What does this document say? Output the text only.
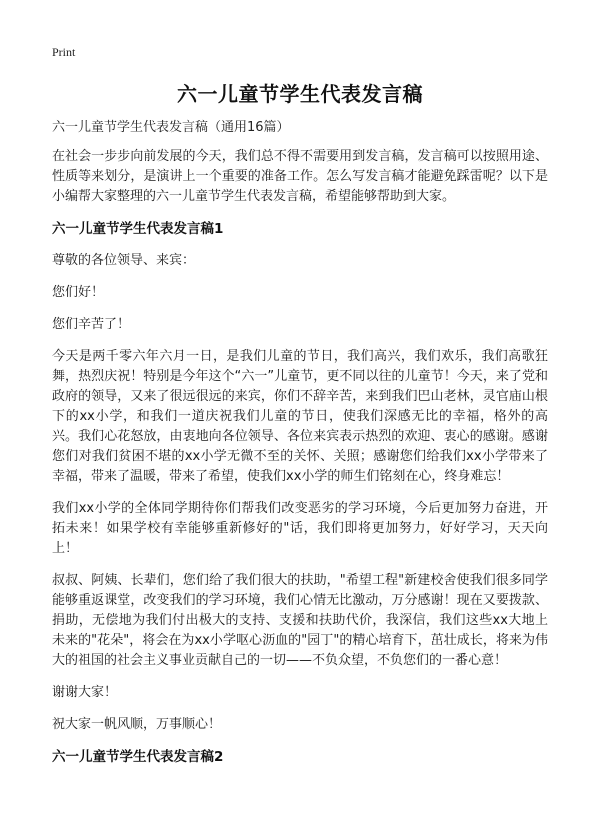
Print
六一儿童节学生代表发言稿

六一儿童节学生代表发言稿（通用16篇）

在社会一步步向前发展的今天，我们总不得不需要用到发言稿，发言稿可以按照用途、性质等来划分，是演讲上一个重要的准备工作。怎么写发言稿才能避免踩雷呢？以下是小编帮大家整理的六一儿童节学生代表发言稿，希望能够帮助到大家。

六一儿童节学生代表发言稿1

尊敬的各位领导、来宾：

您们好！

您们辛苦了！

今天是两千零六年六月一日，是我们儿童的节日，我们高兴，我们欢乐，我们高歌狂舞，热烈庆祝！特别是今年这个“六一”儿童节，更不同以往的儿童节！今天，来了党和政府的领导，又来了很远很远的来宾，你们不辞辛苦，来到我们巴山老林，灵官庙山根下的xx小学，和我们一道庆祝我们儿童的节日，使我们深感无比的幸福，格外的高兴。我们心花怒放，由衷地向各位领导、各位来宾表示热烈的欢迎、衷心的感谢。感谢您们对我们贫困不堪的xx小学无微不至的关怀、关照；感谢您们给我们xx小学带来了幸福，带来了温暖，带来了希望，使我们xx小学的师生们铭刻在心，终身难忘！

我们xx小学的全体同学期待你们帮我们改变恶劣的学习环境，今后更加努力奋进，开拓未来！如果学校有幸能够重新修好的"话，我们即将更加努力，好好学习，天天向上！

叔叔、阿姨、长辈们，您们给了我们很大的扶助，"希望工程"新建校舍使我们很多同学能够重返课堂，改变我们的学习环境，我们心情无比激动，万分感谢！现在又要拨款、捐助，无偿地为我们付出极大的支持、支援和扶助代价，我深信，我们这些xx大地上未来的"花朵"，将会在为xx小学呕心沥血的"园丁"的精心培育下，茁壮成长，将来为伟大的祖国的社会主义事业贡献自己的一切——不负众望，不负您们的一番心意！

谢谢大家！

祝大家一帆风顺，万事顺心！

六一儿童节学生代表发言稿2
